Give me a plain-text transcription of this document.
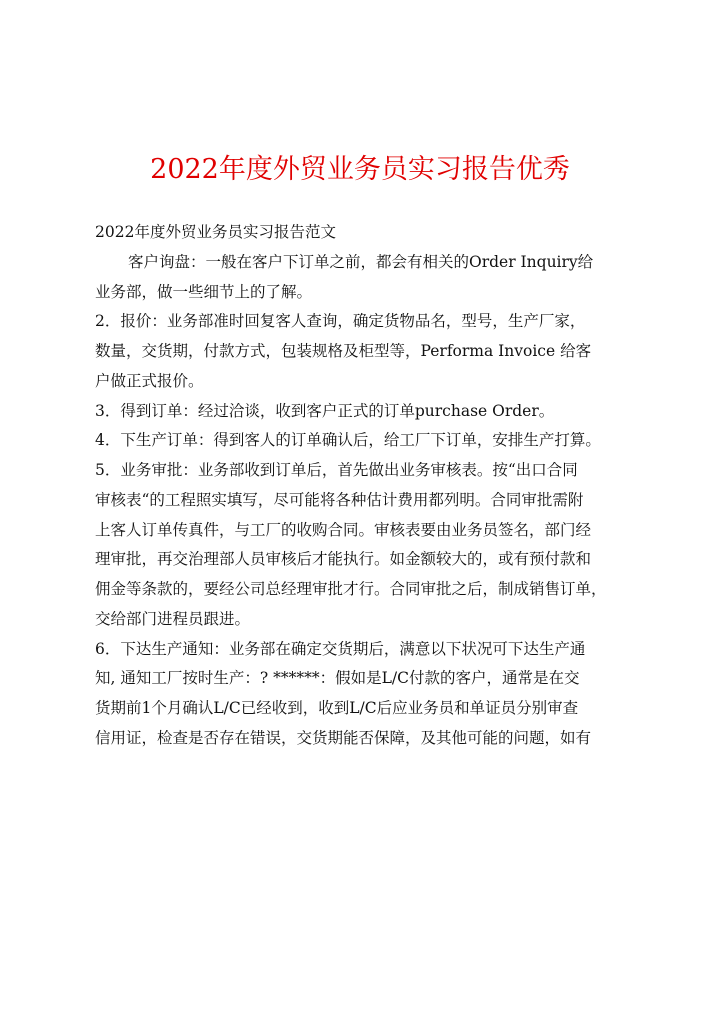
2022年度外贸业务员实习报告优秀
2022年度外贸业务员实习报告范文
客户询盘：一般在客户下订单之前，都会有相关的Order Inquiry给
业务部，做一些细节上的了解。
2．报价：业务部准时回复客人查询，确定货物品名，型号，生产厂家，
数量，交货期，付款方式，包装规格及柜型等，Performa Invoice 给客
户做正式报价。
3．得到订单：经过洽谈，收到客户正式的订单purchase Order。
4．下生产订单：得到客人的订单确认后，给工厂下订单，安排生产打算。
5．业务审批：业务部收到订单后，首先做出业务审核表。按“出口合同
审核表“的工程照实填写，尽可能将各种估计费用都列明。合同审批需附
上客人订单传真件，与工厂的收购合同。审核表要由业务员签名，部门经
理审批，再交治理部人员审核后才能执行。如金额较大的，或有预付款和
佣金等条款的，要经公司总经理审批才行。合同审批之后，制成销售订单，
交给部门进程员跟进。
6．下达生产通知：业务部在确定交货期后，满意以下状况可下达生产通
知, 通知工厂按时生产：? ******：假如是L/C付款的客户，通常是在交
货期前1个月确认L/C已经收到，收到L/C后应业务员和单证员分别审查
信用证，检查是否存在错误，交货期能否保障，及其他可能的问题，如有
